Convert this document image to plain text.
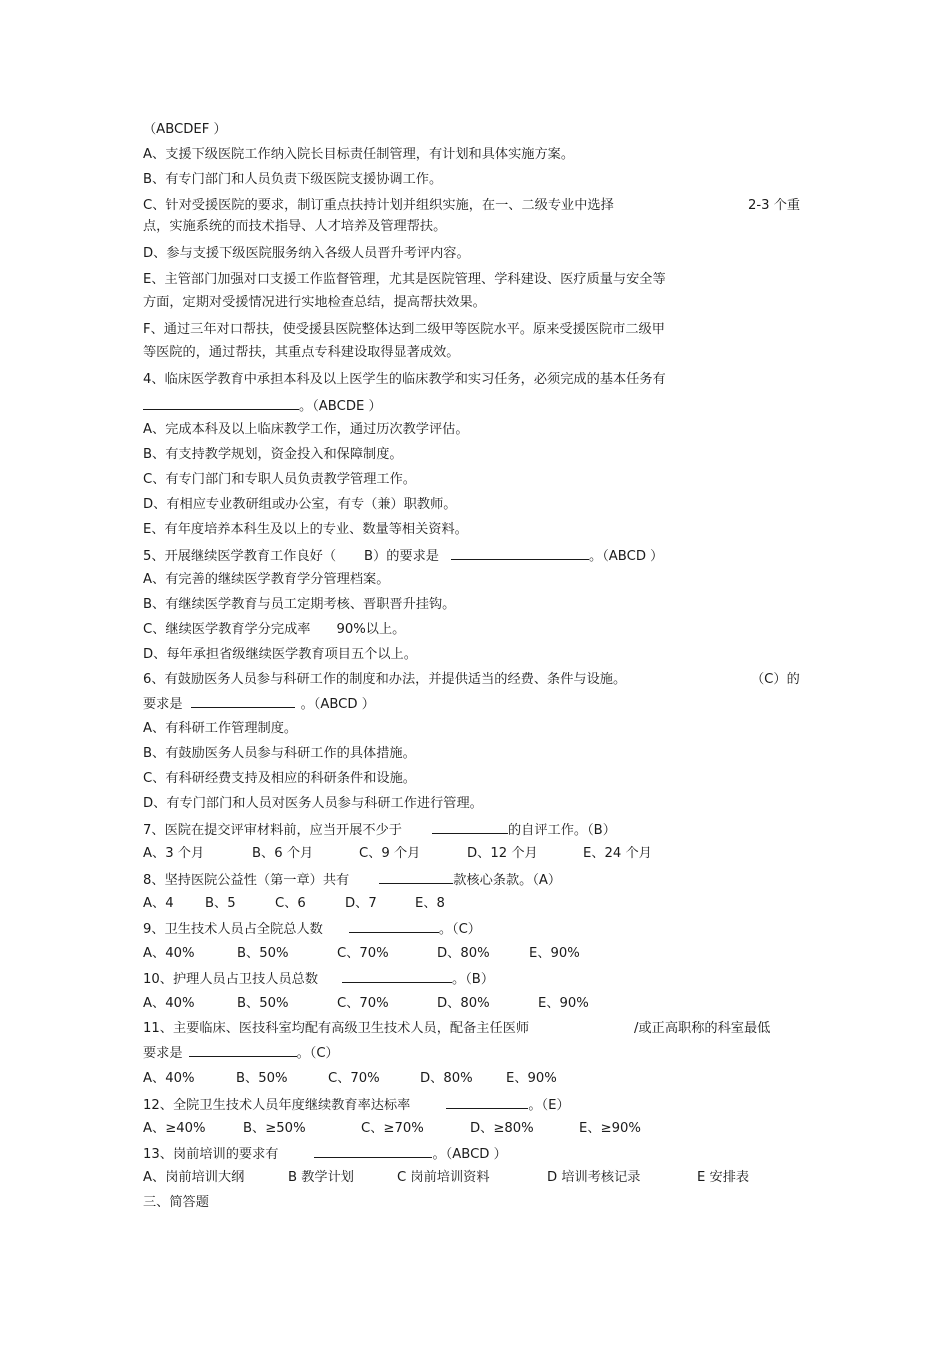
（ABCDEF ）
A、支援下级医院工作纳入院长目标责任制管理，有计划和具体实施方案。
B、有专门部门和人员负责下级医院支援协调工作。
C、针对受援医院的要求，制订重点扶持计划并组织实施，在一、二级专业中选择	2-3 个重
点，实施系统的而技术指导、人才培养及管理帮扶。
D、参与支援下级医院服务纳入各级人员晋升考评内容。
E、主管部门加强对口支援工作监督管理，尤其是医院管理、学科建设、医疗质量与安全等
方面，定期对受援情况进行实地检查总结，提高帮扶效果。
F、通过三年对口帮扶，使受援县医院整体达到二级甲等医院水平。原来受援医院市二级甲
等医院的，通过帮扶，其重点专科建设取得显著成效。
4、临床医学教育中承担本科及以上医学生的临床教学和实习任务，必须完成的基本任务有
。（ABCDE ）
A、完成本科及以上临床教学工作，通过历次教学评估。
B、有支持教学规划，资金投入和保障制度。
C、有专门部门和专职人员负责教学管理工作。
D、有相应专业教研组或办公室，有专（兼）职教师。
E、有年度培养本科生及以上的专业、数量等相关资料。
5、开展继续医学教育工作良好（ B）的要求是	。（ABCD ）
A、有完善的继续医学教育学分管理档案。
B、有继续医学教育与员工定期考核、晋职晋升挂钩。
C、继续医学教育学分完成率 90%以上。
D、每年承担省级继续医学教育项目五个以上。
6、有鼓励医务人员参与科研工作的制度和办法，并提供适当的经费、条件与设施。	（C）的
要求是	。（ABCD ）
A、有科研工作管理制度。
B、有鼓励医务人员参与科研工作的具体措施。
C、有科研经费支持及相应的科研条件和设施。
D、有专门部门和人员对医务人员参与科研工作进行管理。
7、医院在提交评审材料前，应当开展不少于	的自评工作。（B）
A、3 个月	B、6 个月	C、9 个月	D、12 个月	E、24 个月
8、坚持医院公益性（第一章）共有	款核心条款。（A）
A、4 B、5	C、6	D、7	E、8
9、卫生技术人员占全院总人数	。（C）
A、40%	B、50%	C、70%	D、80%	E、90%
10、护理人员占卫技人员总数	。（B）
A、40%	B、50%	C、70%	D、80%	E、90%
11、主要临床、医技科室均配有高级卫生技术人员，配备主任医师	/或正高职称的科室最低
要求是	。（C）
A、40%	B、50%	C、70%	D、80%	E、90%
12、全院卫生技术人员年度继续教育率达标率	。（E）
A、≥40%	B、≥50%	C、≥70%	D、≥80%	E、≥90%
13、岗前培训的要求有	。（ABCD ）
A、岗前培训大纲	B 教学计划	C 岗前培训资料	D 培训考核记录	E 安排表
三、简答题
